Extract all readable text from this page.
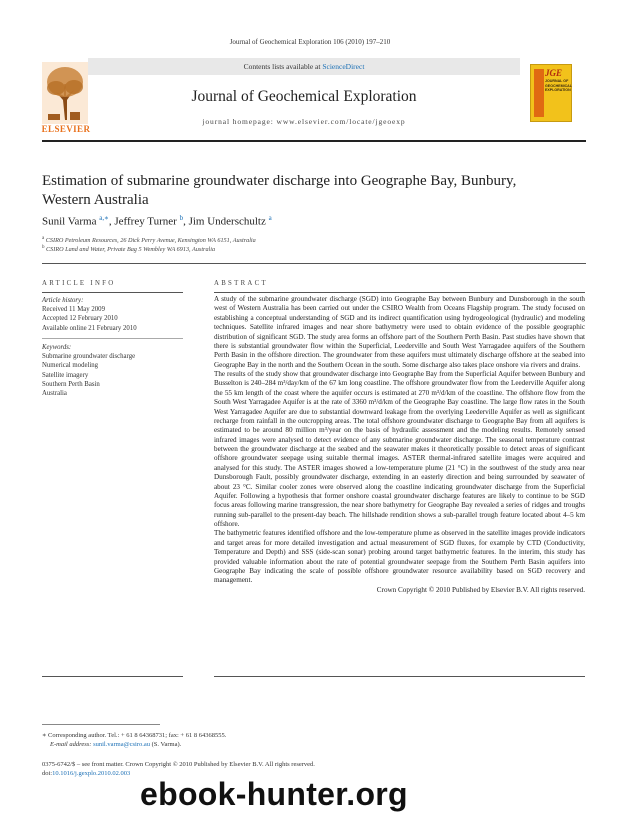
Journal of Geochemical Exploration 106 (2010) 197–210
Contents lists available at ScienceDirect
ELSEVIER
Journal of Geochemical Exploration
journal homepage: www.elsevier.com/locate/jgeoexp
JGE
JOURNAL OF GEOCHEMICAL EXPLORATION
Estimation of submarine groundwater discharge into Geographe Bay, Bunbury, Western Australia
Sunil Varma $^{a,∗}$, Jeffrey Turner $^b$, Jim Underschultz $^a$
$^a$ CSIRO Petroleum Resources, 26 Dick Perry Avenue, Kensington WA 6151, Australia
$^b$ CSIRO Land and Water, Private Bag 5 Wembley WA 6913, Australia
ARTICLE INFO
Article history:
Received 11 May 2009
Accepted 12 February 2010
Available online 21 February 2010
Keywords:
Submarine groundwater discharge
Numerical modeling
Satellite imagery
Southern Perth Basin
Australia
ABSTRACT

A study of the submarine groundwater discharge (SGD) into Geographe Bay between Bunbury and Dunsborough in the south west of Western Australia has been carried out under the CSIRO Wealth from Oceans Flagship program. The study focused on establishing a conceptual understanding of SGD and its indirect quantification using hydrogeological (hydraulic) and modeling techniques. Satellite infrared images and near shore bathymetry were used to obtain evidence of the possible geographic distribution of significant SGD. The study area forms an offshore part of the Southern Perth Basin. Past studies have shown that there is substantial groundwater flow within the Superficial, Leederville and South West Yarragadee aquifers of the Southern Perth Basin in the offshore direction. The groundwater from these aquifers must ultimately discharge offshore at the seabed into Geographe Bay in the north and the Southern Ocean in the south. Some discharge also takes place onshore via rivers and drains.

The results of the study show that groundwater discharge into Geographe Bay from the Superficial Aquifer between Bunbury and Busselton is 240–284 m³/day/km of the 67 km long coastline. The offshore groundwater flow from the Leederville Aquifer along the 55 km length of the coast where the aquifer occurs is estimated at 270 m³/d/km of the coastline. The offshore flow from the South West Yarragadee Aquifer is at the rate of 3360 m³/d/km of the Geographe Bay coastline. The large flow rates in the South West Yarragadee Aquifer are due to substantial downward leakage from the overlying Leederville Aquifer as well as significant recharge from rainfall in the outcropping areas. The total offshore groundwater discharge to Geographe Bay from all aquifers is estimated to be around 80 million m³/year on the basis of hydraulic assessment and the modeling results. Remotely sensed infrared images were analysed to detect evidence of any submarine groundwater discharge. The seasonal temperature contrast between the groundwater discharge at the seabed and the seawater makes it theoretically possible to detect areas of significant offshore groundwater seepage using suitable thermal images. ASTER thermal-infrared satellite images were acquired and analysed for this study. The ASTER images showed a low-temperature plume (21 °C) in the southwest of the study area near Dunsborough Fault, possibly groundwater discharge, extending in an easterly direction and being surrounded by seawater of about 23 °C. Similar cooler zones were observed along the coastline indicating groundwater discharge from the Superficial Aquifer. Following a hypothesis that former onshore coastal groundwater discharge features are likely to continue to be SGD focus areas following marine transgression, the near shore bathymetry for Geographe Bay revealed a series of ridges and troughs running sub-parallel to the present-day beach. The hillshade rendition shows a sub-parallel trough feature located about 4–5 km offshore.

The bathymetric features identified offshore and the low-temperature plume as observed in the satellite images provide indicators and target areas for more detailed investigation and actual measurement of SGD fluxes, for example by CTD (Conductivity, Temperature and Depth) and SSS (side-scan sonar) probing around target bathymetric features. In the interim, this study has provided valuable information about the rate of potential groundwater seepage from the Southern Perth Basin aquifers into Geographe Bay indicating the scale of possible offshore groundwater resource availability based on SGD recovery and management.

Crown Copyright © 2010 Published by Elsevier B.V. All rights reserved.

∗ Corresponding author. Tel.: + 61 8 64368731; fax: + 61 8 64368555.
E-mail address: sunil.varma@csiro.au (S. Varma).
0375-6742/$ – see front matter. Crown Copyright © 2010 Published by Elsevier B.V. All rights reserved.
doi:10.1016/j.gexplo.2010.02.003
ebook-hunter.org
